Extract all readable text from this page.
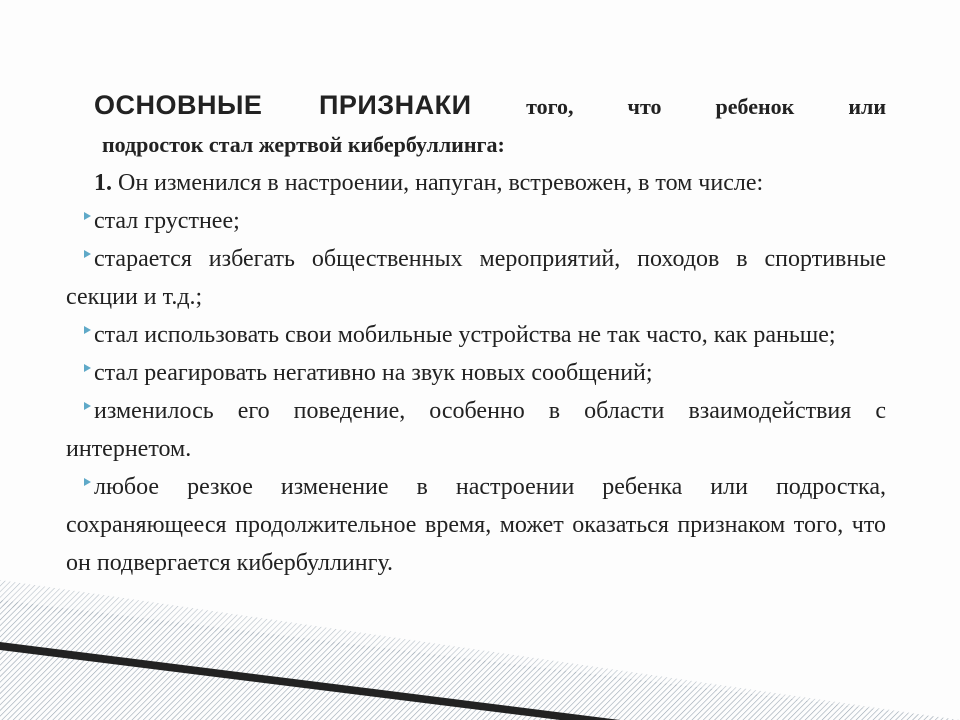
ОСНОВНЫЕ ПРИЗНАКИ того, что ребенок или
подросток стал жертвой кибербуллинга:
1. Он изменился в настроении, напуган, встревожен, в том числе:
стал грустнее;
старается избегать общественных мероприятий, походов в спортивные секции и т.д.;
стал использовать свои мобильные устройства не так часто, как раньше;
стал реагировать негативно на звук новых сообщений;
изменилось его поведение, особенно в области взаимодействия с интернетом.
любое резкое изменение в настроении ребенка или подростка, сохраняющееся продолжительное время, может оказаться признаком того, что он подвергается кибербуллингу.
